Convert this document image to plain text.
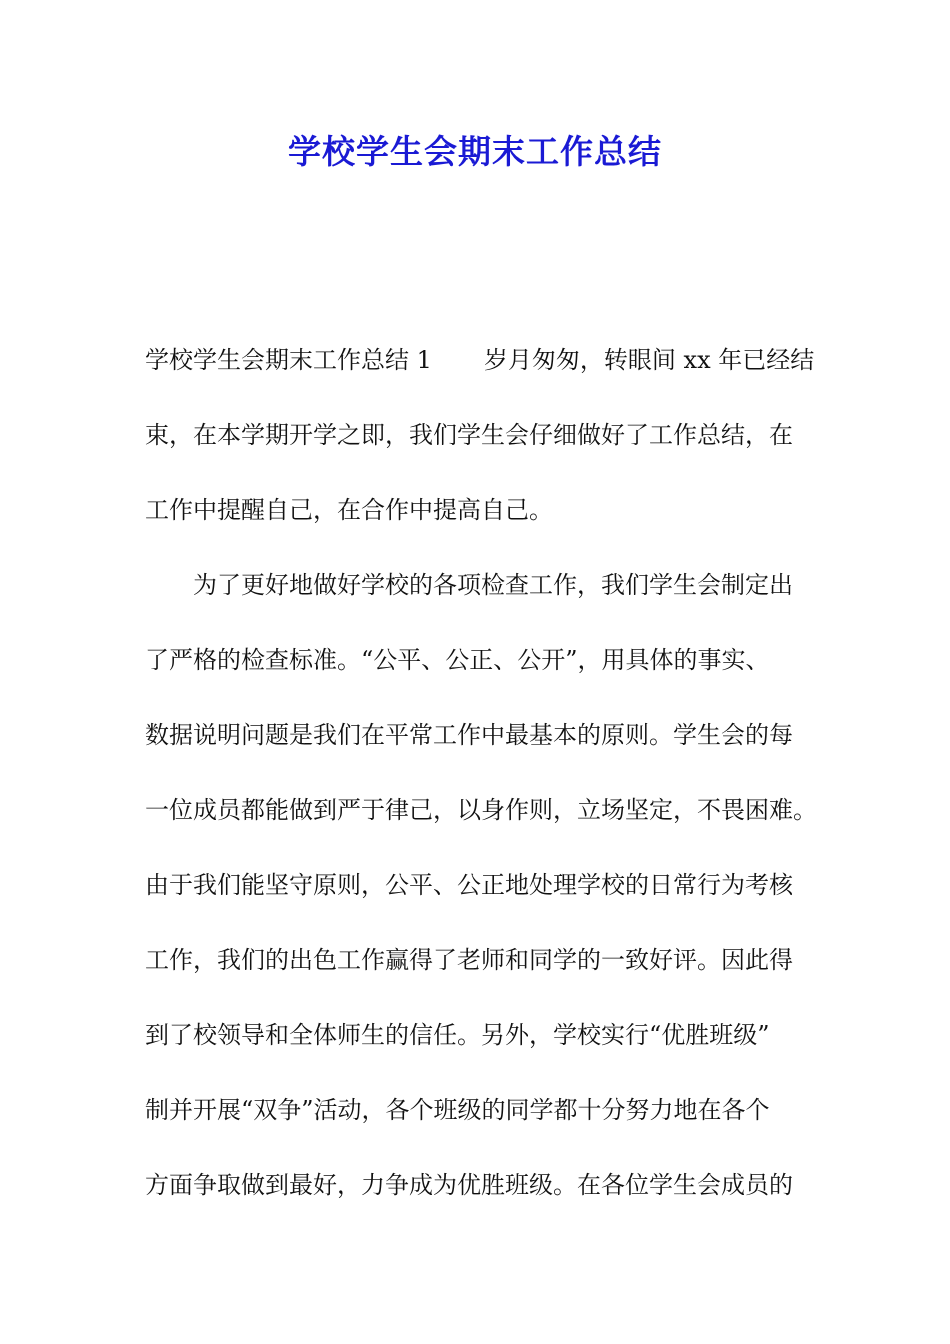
学校学生会期末工作总结

学校学生会期末工作总结 1 岁月匆匆，转眼间 xx 年已经结

束，在本学期开学之即，我们学生会仔细做好了工作总结，在

工作中提醒自己，在合作中提高自己。

为了更好地做好学校的各项检查工作，我们学生会制定出

了严格的检查标准。“公平、公正、公开”，用具体的事实、

数据说明问题是我们在平常工作中最基本的原则。学生会的每

一位成员都能做到严于律己，以身作则，立场坚定，不畏困难。

由于我们能坚守原则，公平、公正地处理学校的日常行为考核

工作，我们的出色工作赢得了老师和同学的一致好评。因此得

到了校领导和全体师生的信任。另外，学校实行“优胜班级”

制并开展“双争”活动，各个班级的同学都十分努力地在各个

方面争取做到最好，力争成为优胜班级。在各位学生会成员的
